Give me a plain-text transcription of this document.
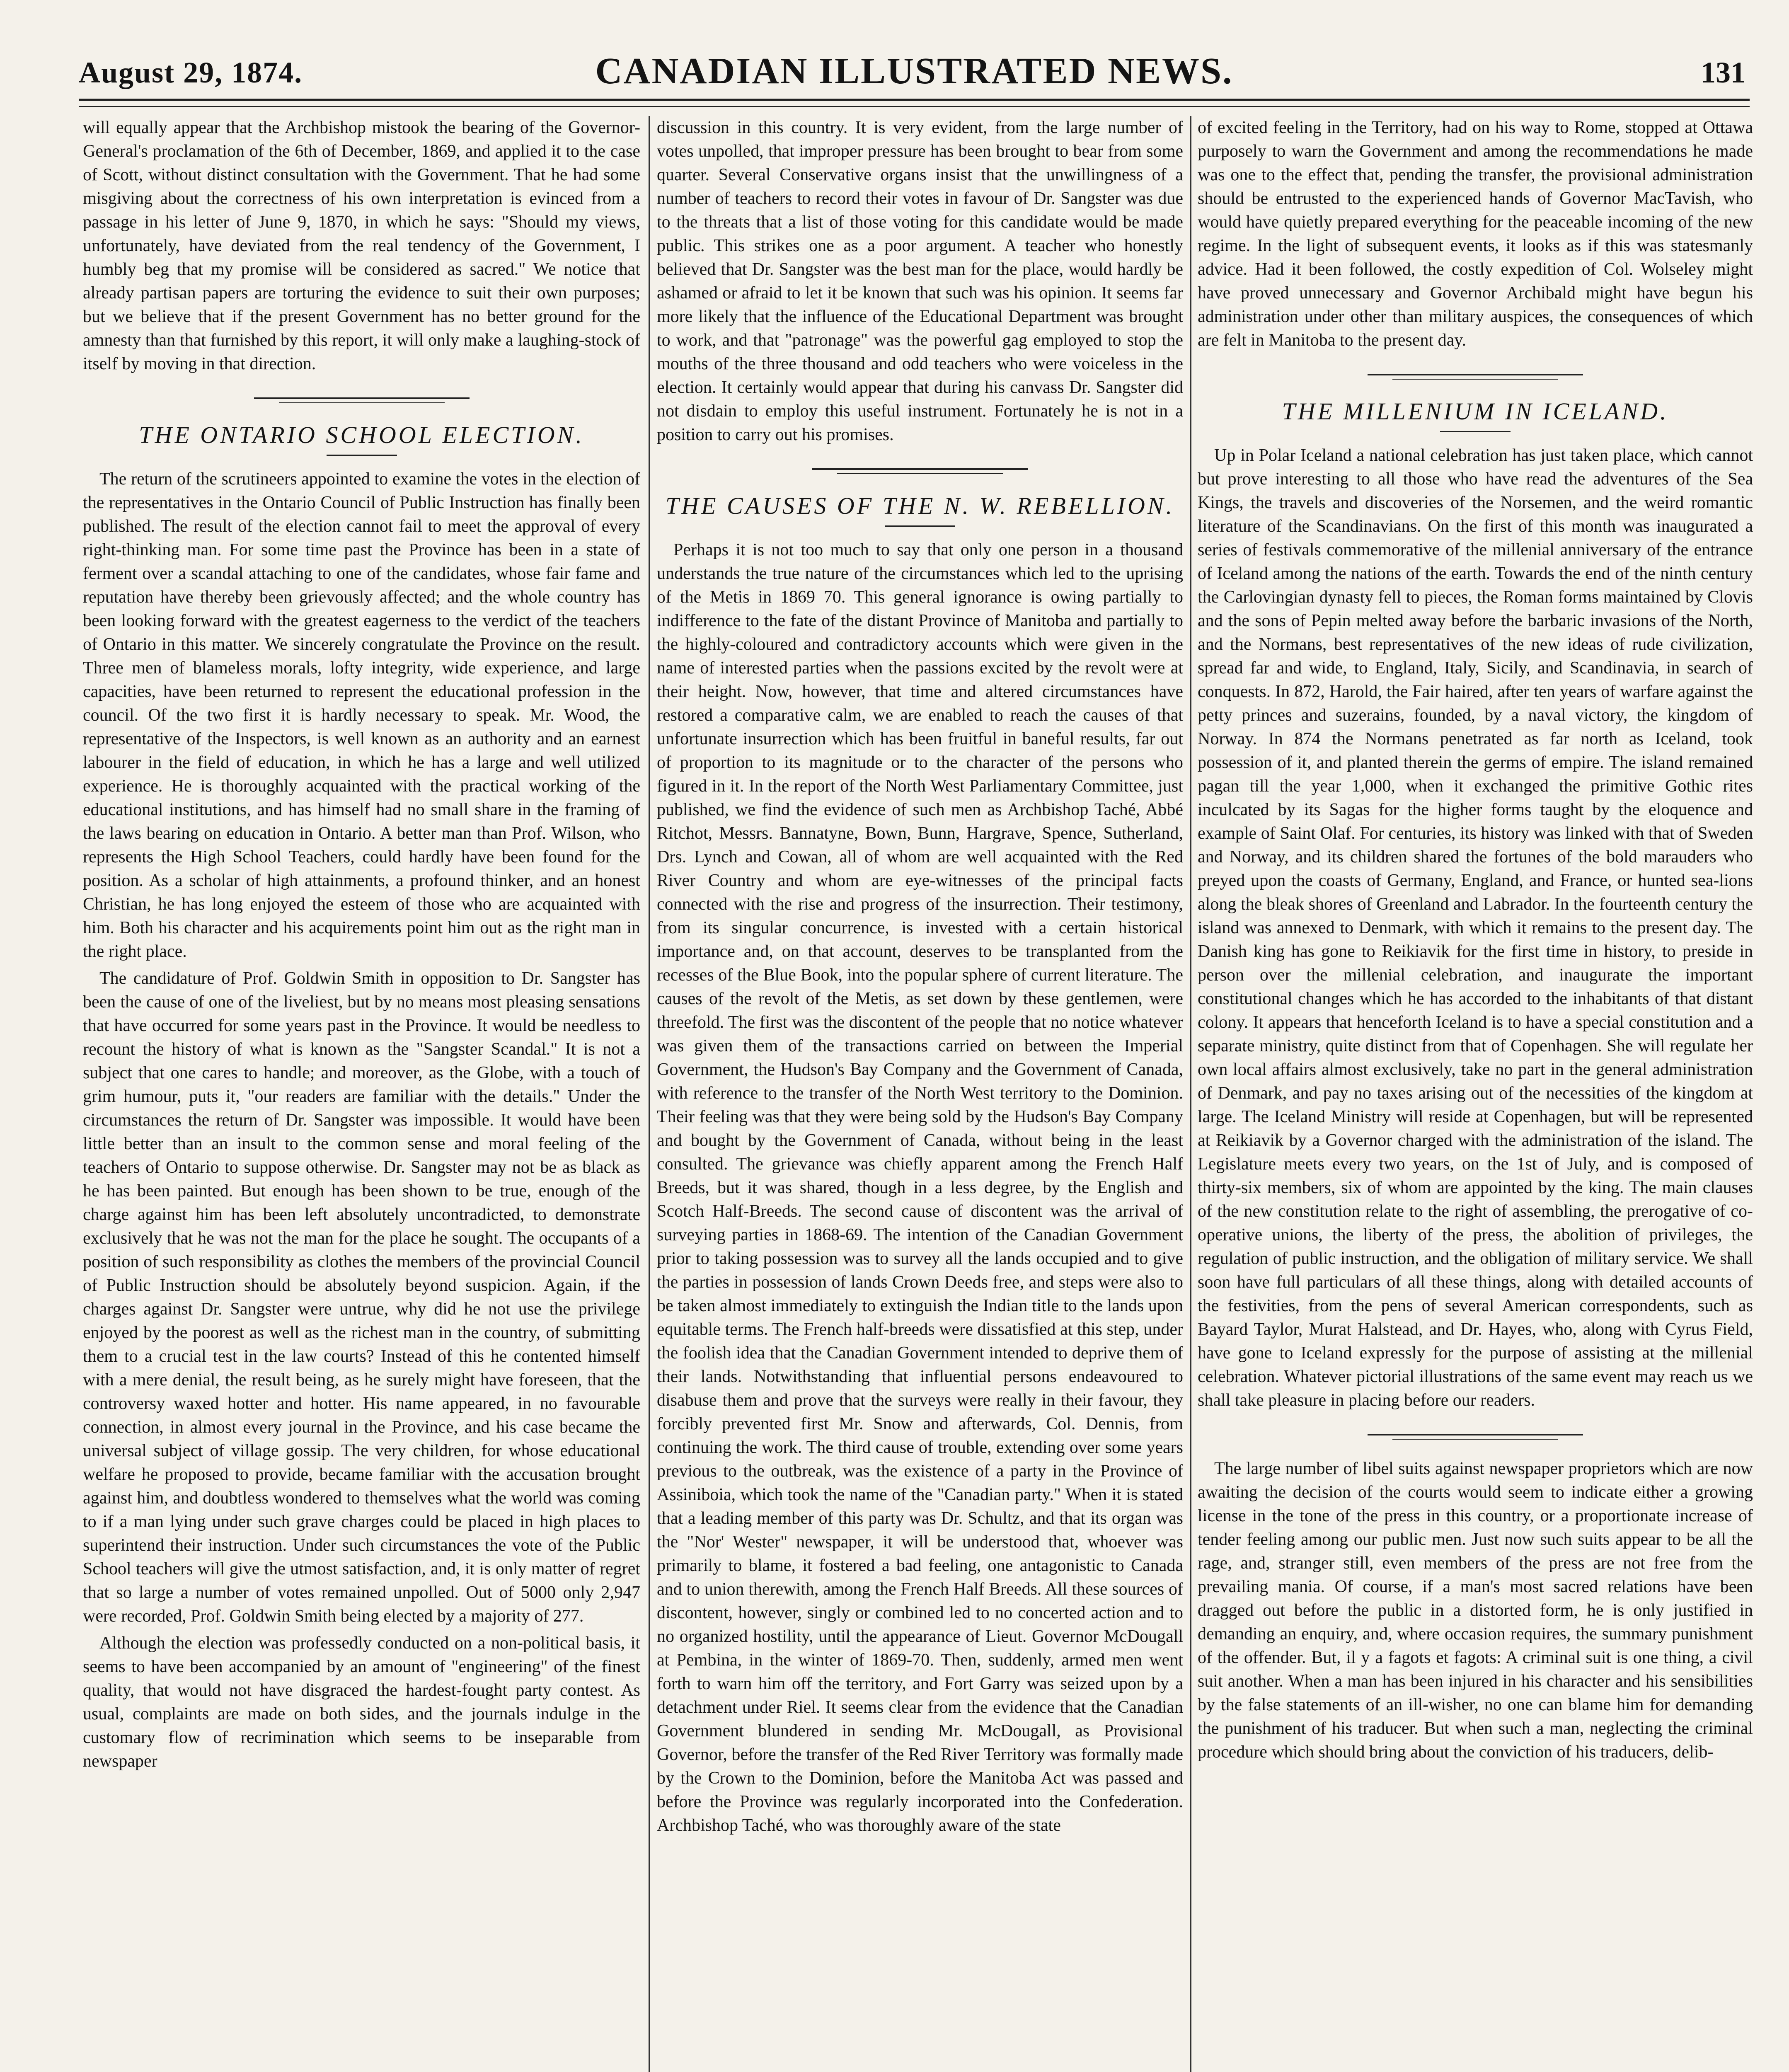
August 29, 1874.	CANADIAN ILLUSTRATED NEWS.	131

will equally appear that the Archbishop mistook the bearing of the Governor-General's proclamation of the 6th of December, 1869, and applied it to the case of Scott, without distinct consultation with the Government. That he had some misgiving about the correctness of his own interpretation is evinced from a passage in his letter of June 9, 1870, in which he says: "Should my views, unfortunately, have deviated from the real tendency of the Government, I humbly beg that my promise will be considered as sacred." We notice that already partisan papers are torturing the evidence to suit their own purposes; but we believe that if the present Government has no better ground for the amnesty than that furnished by this report, it will only make a laughing-stock of itself by moving in that direction.

THE ONTARIO SCHOOL ELECTION.

The return of the scrutineers appointed to examine the votes in the election of the representatives in the Ontario Council of Public Instruction has finally been published. The result of the election cannot fail to meet the approval of every right-thinking man. For some time past the Province has been in a state of ferment over a scandal attaching to one of the candidates, whose fair fame and reputation have thereby been grievously affected; and the whole country has been looking forward with the greatest eagerness to the verdict of the teachers of Ontario in this matter. We sincerely congratulate the Province on the result. Three men of blameless morals, lofty integrity, wide experience, and large capacities, have been returned to represent the educational profession in the council. Of the two first it is hardly necessary to speak. Mr. Wood, the representative of the Inspectors, is well known as an authority and an earnest labourer in the field of education, in which he has a large and well utilized experience. He is thoroughly acquainted with the practical working of the educational institutions, and has himself had no small share in the framing of the laws bearing on education in Ontario. A better man than Prof. Wilson, who represents the High School Teachers, could hardly have been found for the position. As a scholar of high attainments, a profound thinker, and an honest Christian, he has long enjoyed the esteem of those who are acquainted with him. Both his character and his acquirements point him out as the right man in the right place.

The candidature of Prof. Goldwin Smith in opposition to Dr. Sangster has been the cause of one of the liveliest, but by no means most pleasing sensations that have occurred for some years past in the Province. It would be needless to recount the history of what is known as the "Sangster Scandal." It is not a subject that one cares to handle; and moreover, as the Globe, with a touch of grim humour, puts it, "our readers are familiar with the details." Under the circumstances the return of Dr. Sangster was impossible. It would have been little better than an insult to the common sense and moral feeling of the teachers of Ontario to suppose otherwise. Dr. Sangster may not be as black as he has been painted. But enough has been shown to be true, enough of the charge against him has been left absolutely uncontradicted, to demonstrate exclusively that he was not the man for the place he sought. The occupants of a position of such responsibility as clothes the members of the provincial Council of Public Instruction should be absolutely beyond suspicion. Again, if the charges against Dr. Sangster were untrue, why did he not use the privilege enjoyed by the poorest as well as the richest man in the country, of submitting them to a crucial test in the law courts? Instead of this he contented himself with a mere denial, the result being, as he surely might have foreseen, that the controversy waxed hotter and hotter. His name appeared, in no favourable connection, in almost every journal in the Province, and his case became the universal subject of village gossip. The very children, for whose educational welfare he proposed to provide, became familiar with the accusation brought against him, and doubtless wondered to themselves what the world was coming to if a man lying under such grave charges could be placed in high places to superintend their instruction. Under such circumstances the vote of the Public School teachers will give the utmost satisfaction, and, it is only matter of regret that so large a number of votes remained unpolled. Out of 5000 only 2,947 were recorded, Prof. Goldwin Smith being elected by a majority of 277.

Although the election was professedly conducted on a non-political basis, it seems to have been accompanied by an amount of "engineering" of the finest quality, that would not have disgraced the hardest-fought party contest. As usual, complaints are made on both sides, and the journals indulge in the customary flow of recrimination which seems to be inseparable from newspaper

discussion in this country. It is very evident, from the large number of votes unpolled, that improper pressure has been brought to bear from some quarter. Several Conservative organs insist that the unwillingness of a number of teachers to record their votes in favour of Dr. Sangster was due to the threats that a list of those voting for this candidate would be made public. This strikes one as a poor argument. A teacher who honestly believed that Dr. Sangster was the best man for the place, would hardly be ashamed or afraid to let it be known that such was his opinion. It seems far more likely that the influence of the Educational Department was brought to work, and that "patronage" was the powerful gag employed to stop the mouths of the three thousand and odd teachers who were voiceless in the election. It certainly would appear that during his canvass Dr. Sangster did not disdain to employ this useful instrument. Fortunately he is not in a position to carry out his promises.

THE CAUSES OF THE N. W. REBELLION.

Perhaps it is not too much to say that only one person in a thousand understands the true nature of the circumstances which led to the uprising of the Metis in 1869 70. This general ignorance is owing partially to indifference to the fate of the distant Province of Manitoba and partially to the highly-coloured and contradictory accounts which were given in the name of interested parties when the passions excited by the revolt were at their height. Now, however, that time and altered circumstances have restored a comparative calm, we are enabled to reach the causes of that unfortunate insurrection which has been fruitful in baneful results, far out of proportion to its magnitude or to the character of the persons who figured in it. In the report of the North West Parliamentary Committee, just published, we find the evidence of such men as Archbishop Taché, Abbé Ritchot, Messrs. Bannatyne, Bown, Bunn, Hargrave, Spence, Sutherland, Drs. Lynch and Cowan, all of whom are well acquainted with the Red River Country and whom are eye-witnesses of the principal facts connected with the rise and progress of the insurrection. Their testimony, from its singular concurrence, is invested with a certain historical importance and, on that account, deserves to be transplanted from the recesses of the Blue Book, into the popular sphere of current literature. The causes of the revolt of the Metis, as set down by these gentlemen, were threefold. The first was the discontent of the people that no notice whatever was given them of the transactions carried on between the Imperial Government, the Hudson's Bay Company and the Government of Canada, with reference to the transfer of the North West territory to the Dominion. Their feeling was that they were being sold by the Hudson's Bay Company and bought by the Government of Canada, without being in the least consulted. The grievance was chiefly apparent among the French Half Breeds, but it was shared, though in a less degree, by the English and Scotch Half-Breeds. The second cause of discontent was the arrival of surveying parties in 1868-69. The intention of the Canadian Government prior to taking possession was to survey all the lands occupied and to give the parties in possession of lands Crown Deeds free, and steps were also to be taken almost immediately to extinguish the Indian title to the lands upon equitable terms. The French half-breeds were dissatisfied at this step, under the foolish idea that the Canadian Government intended to deprive them of their lands. Notwithstanding that influential persons endeavoured to disabuse them and prove that the surveys were really in their favour, they forcibly prevented first Mr. Snow and afterwards, Col. Dennis, from continuing the work. The third cause of trouble, extending over some years previous to the outbreak, was the existence of a party in the Province of Assiniboia, which took the name of the "Canadian party." When it is stated that a leading member of this party was Dr. Schultz, and that its organ was the "Nor' Wester" newspaper, it will be understood that, whoever was primarily to blame, it fostered a bad feeling, one antagonistic to Canada and to union therewith, among the French Half Breeds. All these sources of discontent, however, singly or combined led to no concerted action and to no organized hostility, until the appearance of Lieut. Governor McDougall at Pembina, in the winter of 1869-70. Then, suddenly, armed men went forth to warn him off the territory, and Fort Garry was seized upon by a detachment under Riel. It seems clear from the evidence that the Canadian Government blundered in sending Mr. McDougall, as Provisional Governor, before the transfer of the Red River Territory was formally made by the Crown to the Dominion, before the Manitoba Act was passed and before the Province was regularly incorporated into the Confederation. Archbishop Taché, who was thoroughly aware of the state

of excited feeling in the Territory, had on his way to Rome, stopped at Ottawa purposely to warn the Government and among the recommendations he made was one to the effect that, pending the transfer, the provisional administration should be entrusted to the experienced hands of Governor MacTavish, who would have quietly prepared everything for the peaceable incoming of the new regime. In the light of subsequent events, it looks as if this was statesmanly advice. Had it been followed, the costly expedition of Col. Wolseley might have proved unnecessary and Governor Archibald might have begun his administration under other than military auspices, the consequences of which are felt in Manitoba to the present day.

THE MILLENIUM IN ICELAND.

Up in Polar Iceland a national celebration has just taken place, which cannot but prove interesting to all those who have read the adventures of the Sea Kings, the travels and discoveries of the Norsemen, and the weird romantic literature of the Scandinavians. On the first of this month was inaugurated a series of festivals commemorative of the millenial anniversary of the entrance of Iceland among the nations of the earth. Towards the end of the ninth century the Carlovingian dynasty fell to pieces, the Roman forms maintained by Clovis and the sons of Pepin melted away before the barbaric invasions of the North, and the Normans, best representatives of the new ideas of rude civilization, spread far and wide, to England, Italy, Sicily, and Scandinavia, in search of conquests. In 872, Harold, the Fair haired, after ten years of warfare against the petty princes and suzerains, founded, by a naval victory, the kingdom of Norway. In 874 the Normans penetrated as far north as Iceland, took possession of it, and planted therein the germs of empire. The island remained pagan till the year 1,000, when it exchanged the primitive Gothic rites inculcated by its Sagas for the higher forms taught by the eloquence and example of Saint Olaf. For centuries, its history was linked with that of Sweden and Norway, and its children shared the fortunes of the bold marauders who preyed upon the coasts of Germany, England, and France, or hunted sea-lions along the bleak shores of Greenland and Labrador. In the fourteenth century the island was annexed to Denmark, with which it remains to the present day. The Danish king has gone to Reikiavik for the first time in history, to preside in person over the millenial celebration, and inaugurate the important constitutional changes which he has accorded to the inhabitants of that distant colony. It appears that henceforth Iceland is to have a special constitution and a separate ministry, quite distinct from that of Copenhagen. She will regulate her own local affairs almost exclusively, take no part in the general administration of Denmark, and pay no taxes arising out of the necessities of the kingdom at large. The Iceland Ministry will reside at Copenhagen, but will be represented at Reikiavik by a Governor charged with the administration of the island. The Legislature meets every two years, on the 1st of July, and is composed of thirty-six members, six of whom are appointed by the king. The main clauses of the new constitution relate to the right of assembling, the prerogative of co-operative unions, the liberty of the press, the abolition of privileges, the regulation of public instruction, and the obligation of military service. We shall soon have full particulars of all these things, along with detailed accounts of the festivities, from the pens of several American correspondents, such as Bayard Taylor, Murat Halstead, and Dr. Hayes, who, along with Cyrus Field, have gone to Iceland expressly for the purpose of assisting at the millenial celebration. Whatever pictorial illustrations of the same event may reach us we shall take pleasure in placing before our readers.

The large number of libel suits against newspaper proprietors which are now awaiting the decision of the courts would seem to indicate either a growing license in the tone of the press in this country, or a proportionate increase of tender feeling among our public men. Just now such suits appear to be all the rage, and, stranger still, even members of the press are not free from the prevailing mania. Of course, if a man's most sacred relations have been dragged out before the public in a distorted form, he is only justified in demanding an enquiry, and, where occasion requires, the summary punishment of the offender. But, il y a fagots et fagots: A criminal suit is one thing, a civil suit another. When a man has been injured in his character and his sensibilities by the false statements of an ill-wisher, no one can blame him for demanding the punishment of his traducer. But when such a man, neglecting the criminal procedure which should bring about the conviction of his traducers, delib-
